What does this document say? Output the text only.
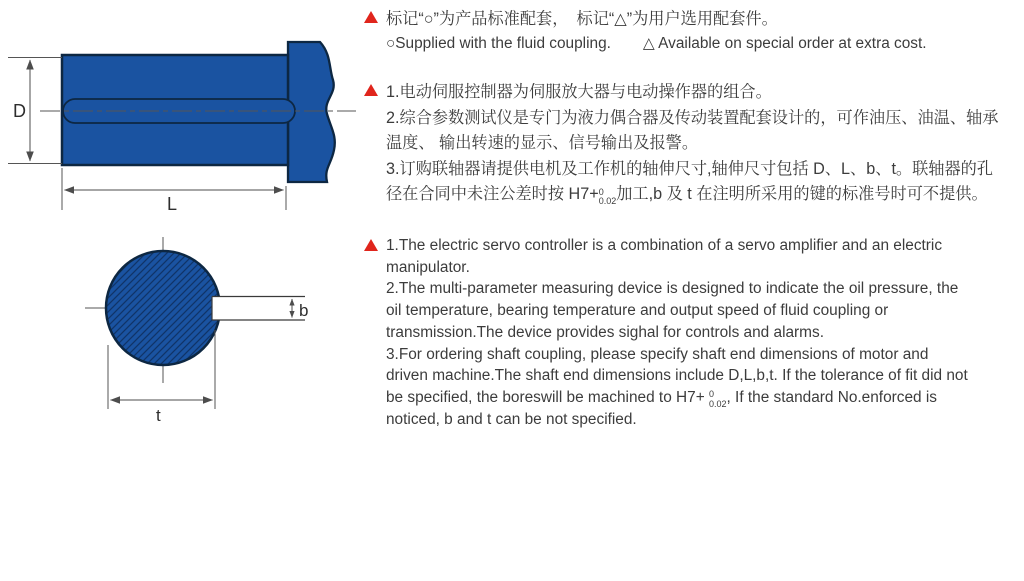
D
L
b
t
标记“○”为产品标准配套，　标记“△”为用户选用配套件。
○Supplied with the fluid coupling. △ Available on special order at extra cost.
1.电动伺服控制器为伺服放大器与电动操作器的组合。
2.综合参数测试仪是专门为液力偶合器及传动装置配套设计的，可作油压、油温、轴承
温度、 输出转速的显示、信号输出及报警。
3.订购联轴器请提供电机及工作机的轴伸尺寸,轴伸尺寸包括 D、L、b、t。联轴器的孔
径在合同中未注公差时按 H7+ 0
0.02 加工,b 及 t 在注明所采用的键的标准号时可不提供。
1.The electric servo controller is a combination of a servo amplifier and an electric
manipulator.
2.The multi-parameter measuring device is designed to indicate the oil pressure, the
oil temperature, bearing temperature and output speed of fluid coupling or
transmission.The device provides sighal for controls and alarms.
3.For ordering shaft coupling, please specify shaft end dimensions of motor and
driven machine.The shaft end dimensions include D,L,b,t. If the tolerance of fit did not
be specified, the boreswill be machined to H7+ 0
0.02 , If the standard No.enforced is
noticed, b and t can be not specified.
